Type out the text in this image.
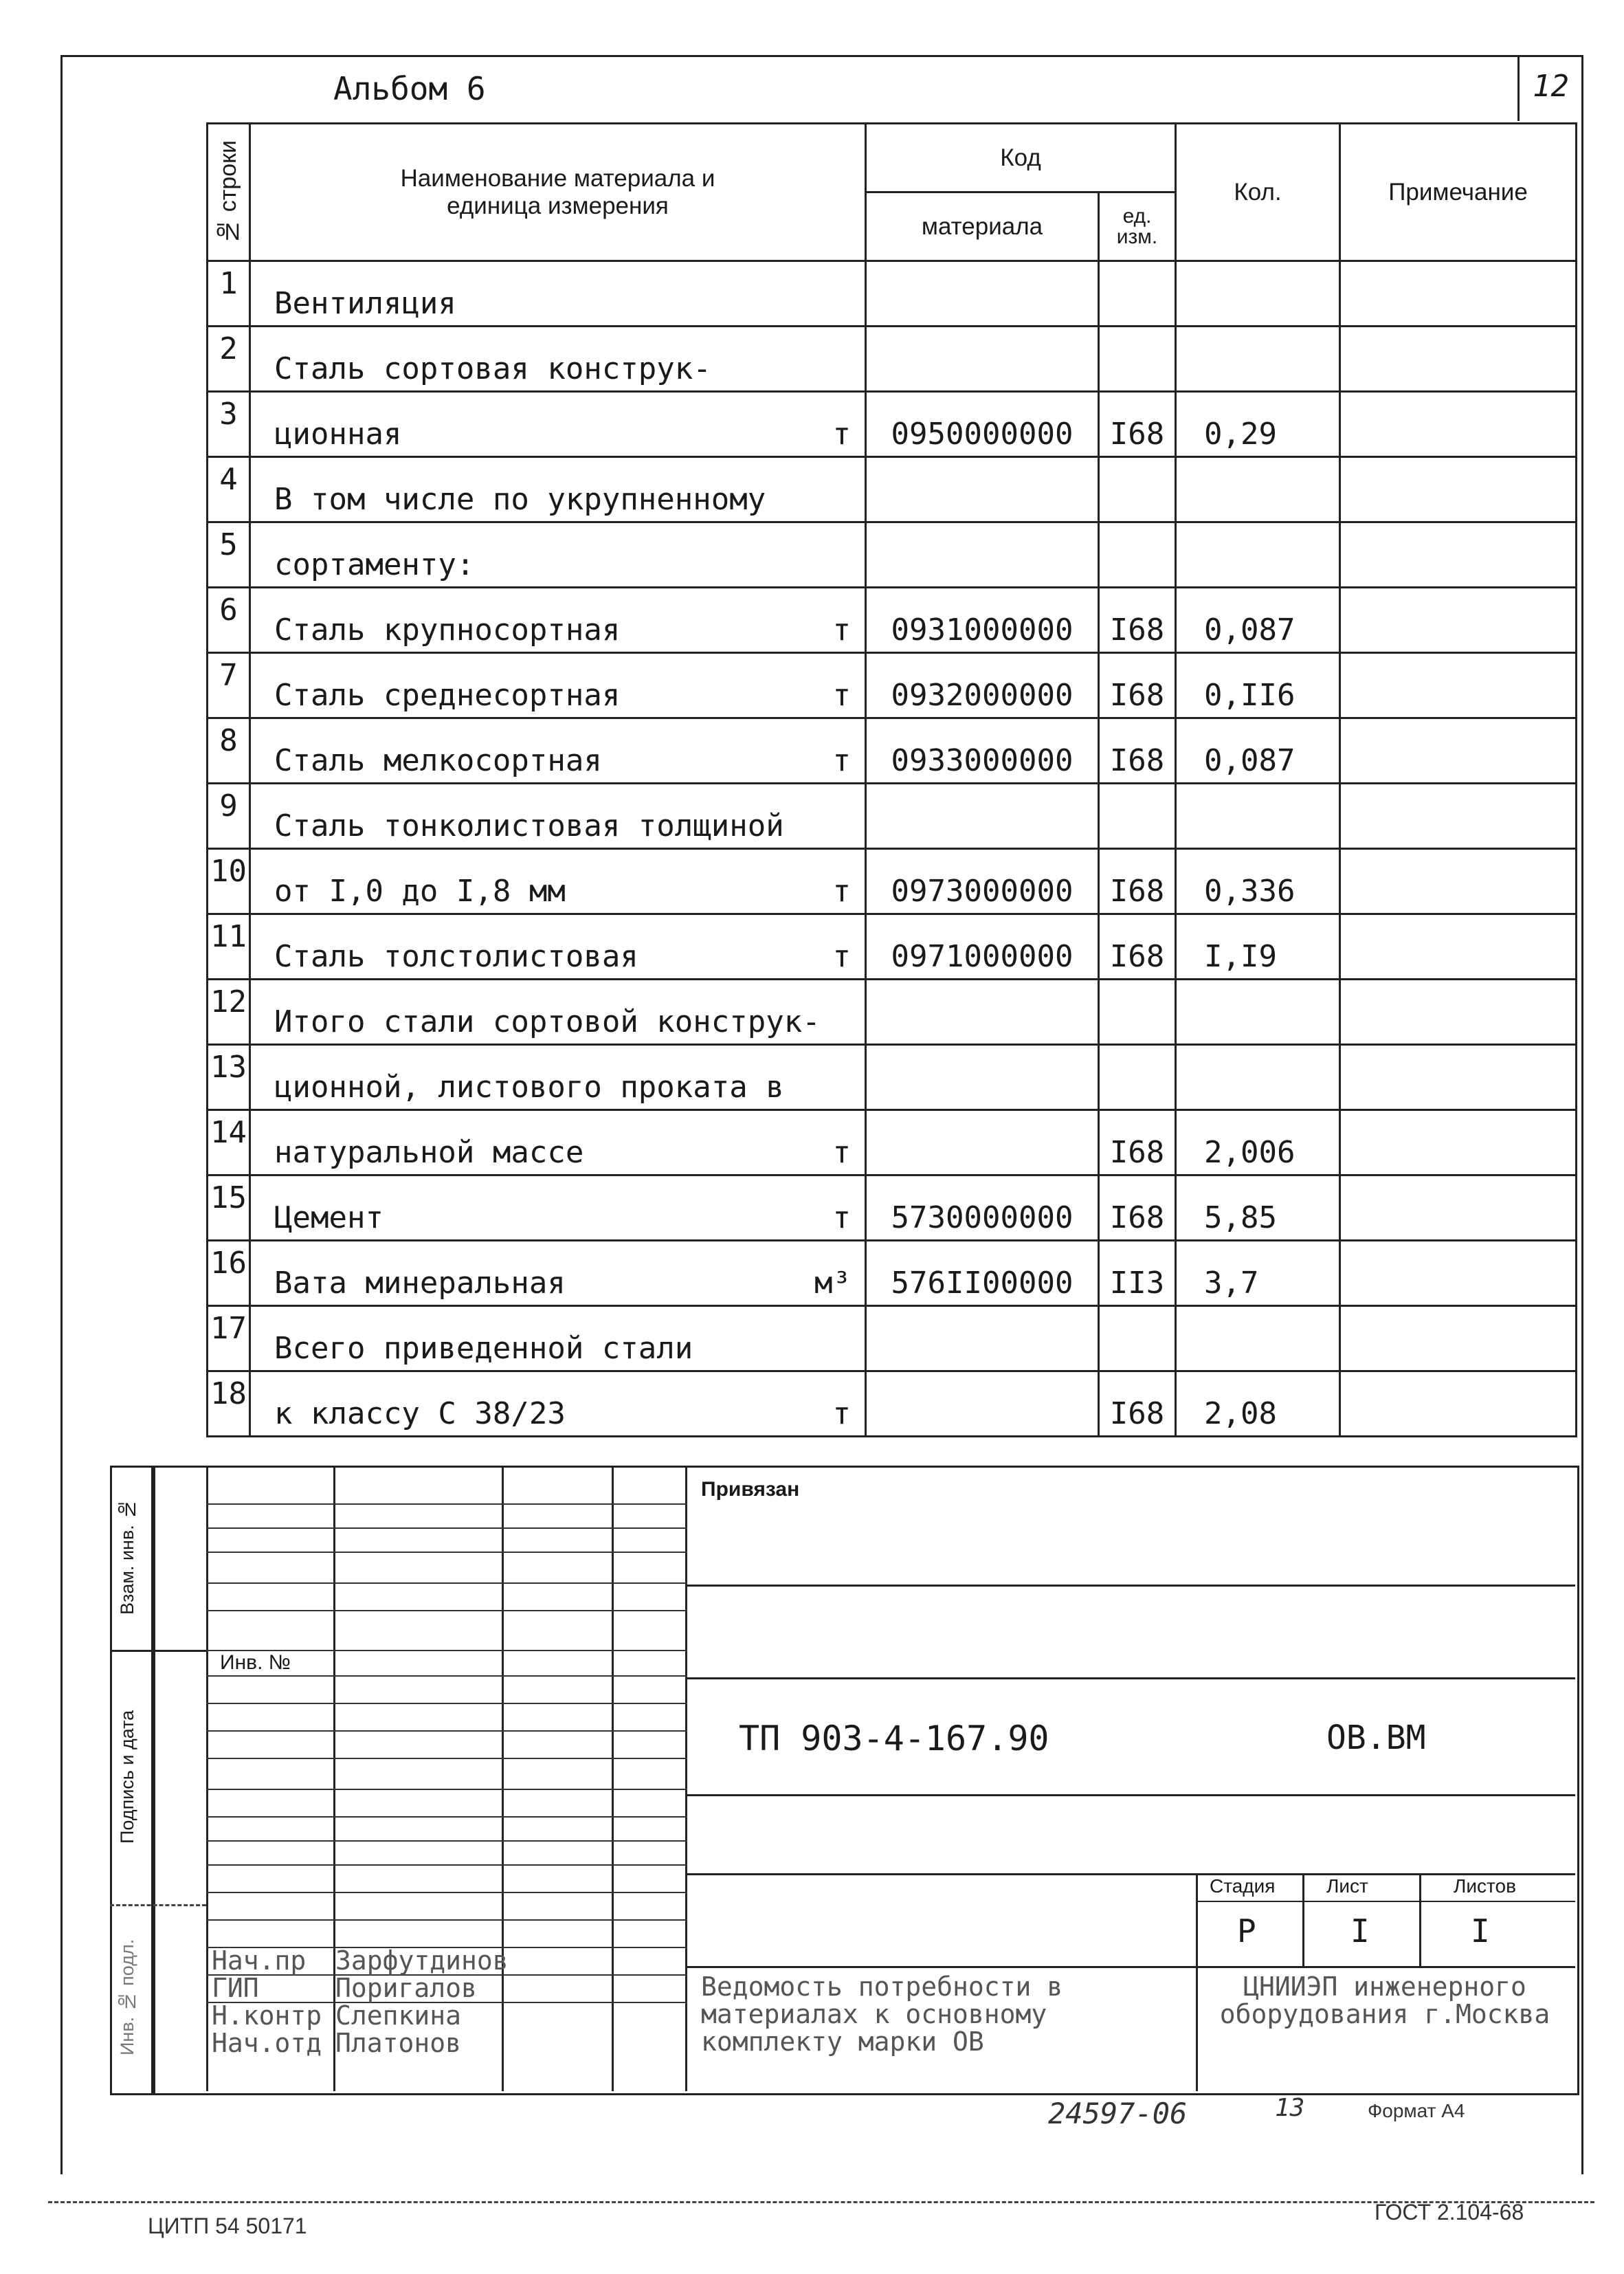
Альбом 6	12
№ строки	Наименование материала и единица измерения	Код		Кол.	Примечание
		материала	ед. изм.		
1	Вентиляция

2	Сталь сортовая конструк-

3	ционная т	0950000000	I68	0,29	
4	В том числе по укрупненному

5	сортаменту:

6	Сталь крупносортная т	0931000000	I68	0,087	
7	Сталь среднесортная т	0932000000	I68	0,II6	
8	Сталь мелкосортная т	0933000000	I68	0,087	
9	Сталь тонколистовая толщиной

10	от I,0 до I,8 мм т	0973000000	I68	0,336	
11	Сталь толстолистовая т	0971000000	I68	I,I9	
12	Итого стали сортовой конструк-

13	ционной, листового проката в

14	натуральной массе т		I68	2,006	
15	Цемент т	5730000000	I68	5,85	
16	Вата минеральная м³	576II00000	II3	3,7	
17	Всего приведенной стали

18	к классу С 38/23 т		I68	2,08	
Взам. инв. №
Подпись и дата
Инв. № подл.
Инв. №
Нач.пр Зарфутдинов
ГИП	Поригалов
Н.контр Слепкина
Нач.отд Платонов
Привязан
ТП 903-4-167.90	ОВ.ВМ
Стадия	Лист	Листов
Р	I	I
Ведомость потребности в материалах к основному комплекту марки ОВ
ЦНИИЭП инженерного оборудования г.Москва
24597-06	13	Формат А4
ЦИТП 54 50171
ГОСТ 2.104-68
